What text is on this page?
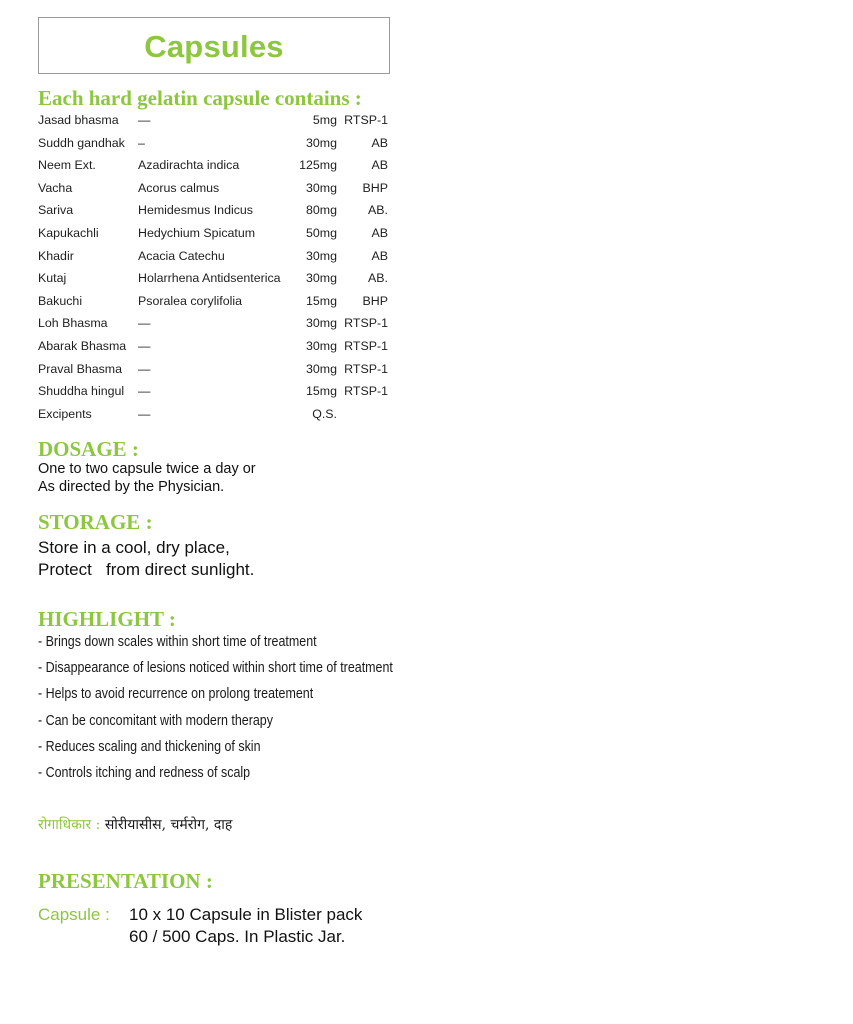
Capsules
Each hard gelatin capsule contains :
Jasad bhasma —	5mg RTSP-1
Suddh gandhak –	30mg	AB
Neem Ext.	Azadirachta indica	125mg	AB
Vacha	Acorus calmus	30mg BHP
Sariva	Hemidesmus Indicus	80mg	AB.
Kapukachli	Hedychium Spicatum	50mg	AB
Khadir	Acacia Catechu	30mg	AB
Kutaj	Holarrhena Antidsenterica 30mg	AB.
Bakuchi	Psoralea corylifolia	15mg BHP
Loh Bhasma —	30mg RTSP-1
Abarak Bhasma —	30mg RTSP-1
Praval Bhasma —	30mg RTSP-1
Shuddha hingul —	15mg RTSP-1
Excipents	—	Q.S.
DOSAGE :
One to two capsule twice a day or
As directed by the Physician.
STORAGE :
Store in a cool, dry place,
Protect   from direct sunlight.
HIGHLIGHT :
- Brings down scales within short time of treatment
- Disappearance of lesions noticed within short time of treatment
- Helps to avoid recurrence on prolong treatement
- Can be concomitant with modern therapy
- Reduces scaling and thickening of skin
- Controls itching and redness of scalp
रोगाधिकार : सोरीयासीस, चर्मरोग, दाह
PRESENTATION :
Capsule :	10 x 10 Capsule in Blister pack
60 / 500 Caps. In Plastic Jar.
